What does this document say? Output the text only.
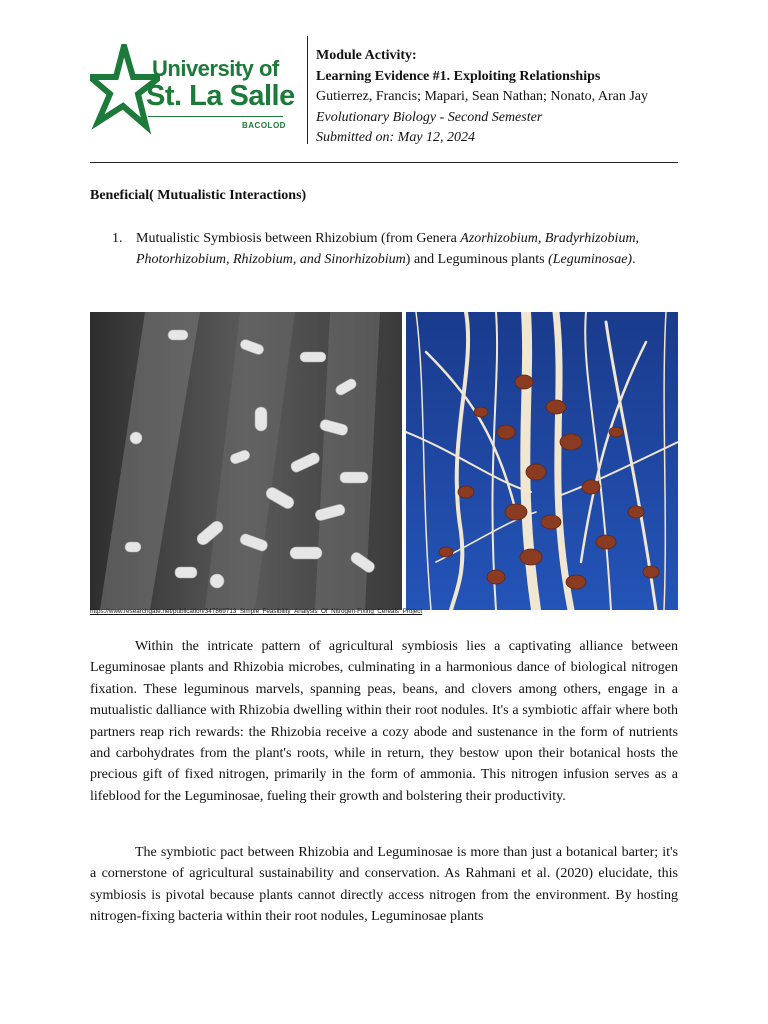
University of
St. La Salle
BACOLOD
Module Activity:
Learning Evidence #1. Exploiting Relationships
Gutierrez, Francis; Mapari, Sean Nathan; Nonato, Aran Jay
Evolutionary Biology - Second Semester
Submitted on: May 12, 2024
Beneficial( Mutualistic Interactions)
1. Mutualistic Symbiosis between Rhizobium (from Genera Azorhizobium, Bradyrhizobium, Photorhizobium, Rhizobium, and Sinorhizobium) and Leguminous plants (Leguminosae).
https://www.researchgate.net/publication/347869713_Simple_Feasibility_Analysis_Of_Nitrogen-Fixing_Cereals_Project

Within the intricate pattern of agricultural symbiosis lies a captivating alliance between Leguminosae plants and Rhizobia microbes, culminating in a harmonious dance of biological nitrogen fixation. These leguminous marvels, spanning peas, beans, and clovers among others, engage in a mutualistic dalliance with Rhizobia dwelling within their root nodules. It's a symbiotic affair where both partners reap rich rewards: the Rhizobia receive a cozy abode and sustenance in the form of nutrients and carbohydrates from the plant's roots, while in return, they bestow upon their botanical hosts the precious gift of fixed nitrogen, primarily in the form of ammonia. This nitrogen infusion serves as a lifeblood for the Leguminosae, fueling their growth and bolstering their productivity.

The symbiotic pact between Rhizobia and Leguminosae is more than just a botanical barter; it's a cornerstone of agricultural sustainability and conservation. As Rahmani et al. (2020) elucidate, this symbiosis is pivotal because plants cannot directly access nitrogen from the environment. By hosting nitrogen-fixing bacteria within their root nodules, Leguminosae plants
